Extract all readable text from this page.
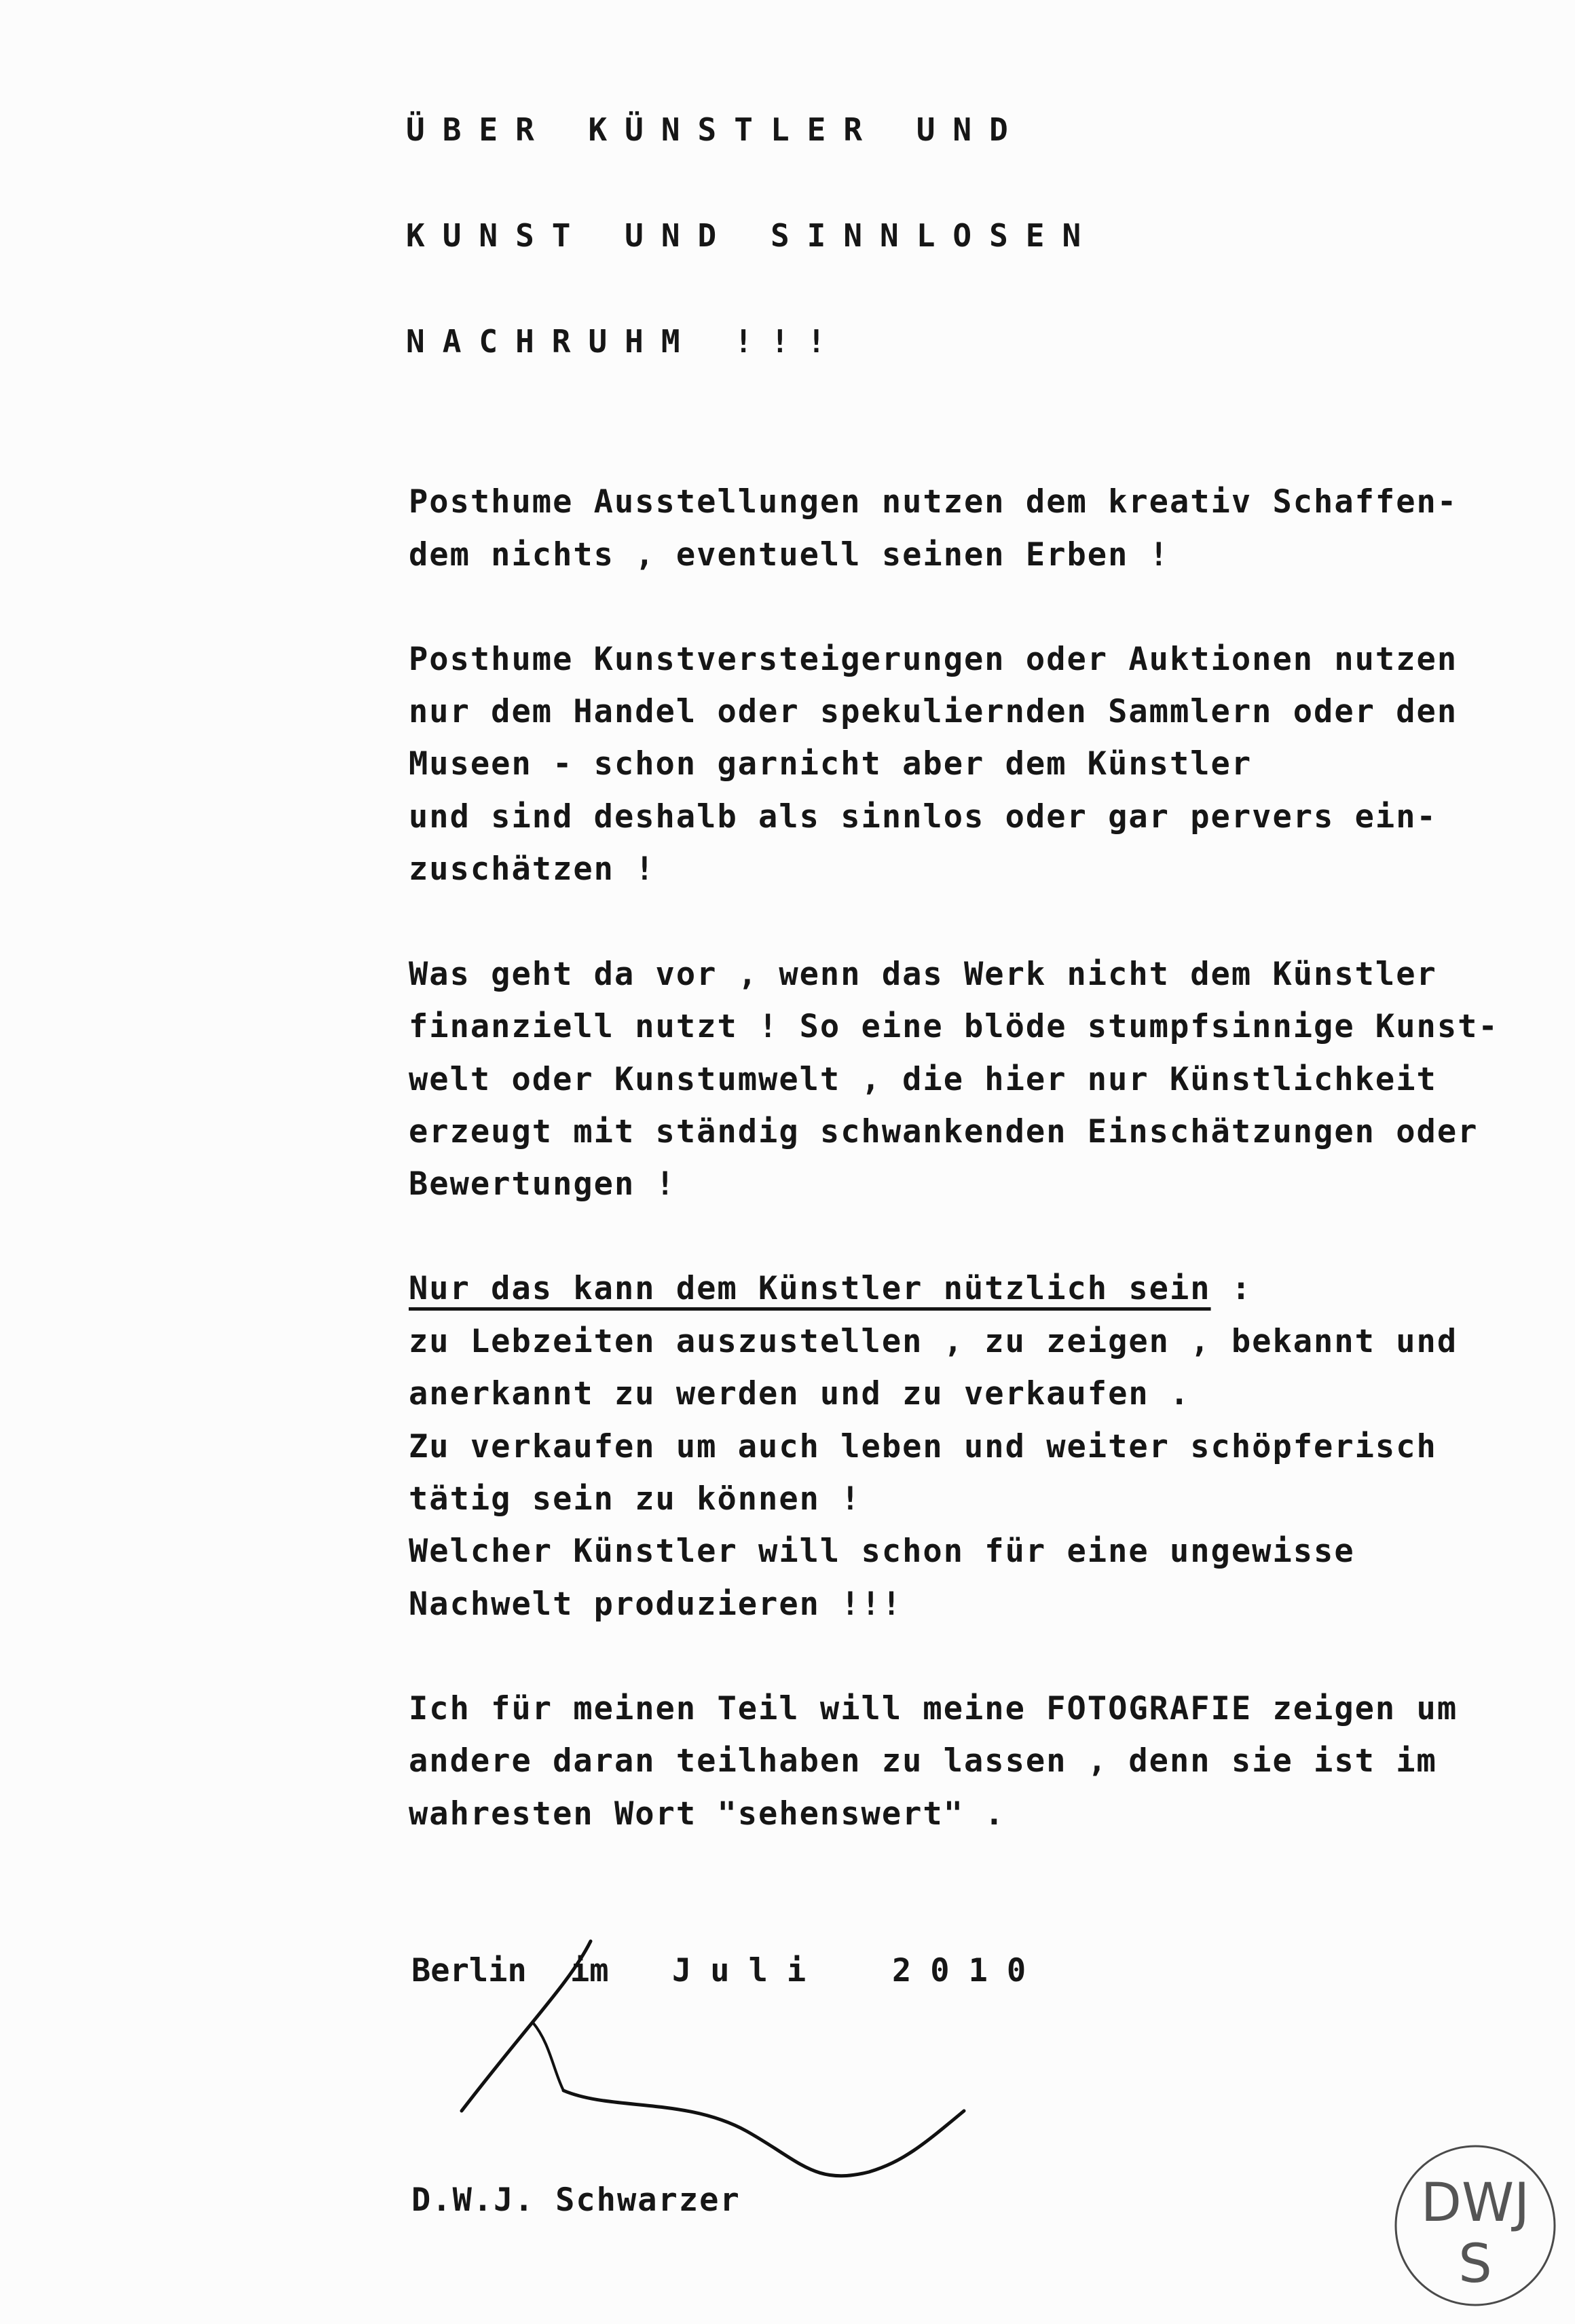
ÜBER KÜNSTLER UND
KUNST UND SINNLOSEN
NACHRUHM !!!
Posthume Ausstellungen nutzen dem kreativ Schaffen-
dem nichts , eventuell seinen Erben !
Posthume Kunstversteigerungen oder Auktionen nutzen
nur dem Handel oder spekuliernden Sammlern oder den
Museen - schon garnicht aber dem Künstler
und sind deshalb als sinnlos oder gar pervers ein-
zuschätzen !
Was geht da vor , wenn das Werk nicht dem Künstler
finanziell nutzt ! So eine blöde stumpfsinnige Kunst-
welt oder Kunstumwelt , die hier nur Künstlichkeit
erzeugt mit ständig schwankenden Einschätzungen oder
Bewertungen !
Nur das kann dem Künstler nützlich sein :
zu Lebzeiten auszustellen , zu zeigen , bekannt und
anerkannt zu werden und zu verkaufen .
Zu verkaufen um auch leben und weiter schöpferisch
tätig sein zu können !
Welcher Künstler will schon für eine ungewisse
Nachwelt produzieren !!!
Ich für meinen Teil will meine FOTOGRAFIE zeigen um
andere daran teilhaben zu lassen , denn sie ist im
wahresten Wort "sehenswert" .
Berlin im Juli 2010
D.W.J. Schwarzer	DWJ
S
